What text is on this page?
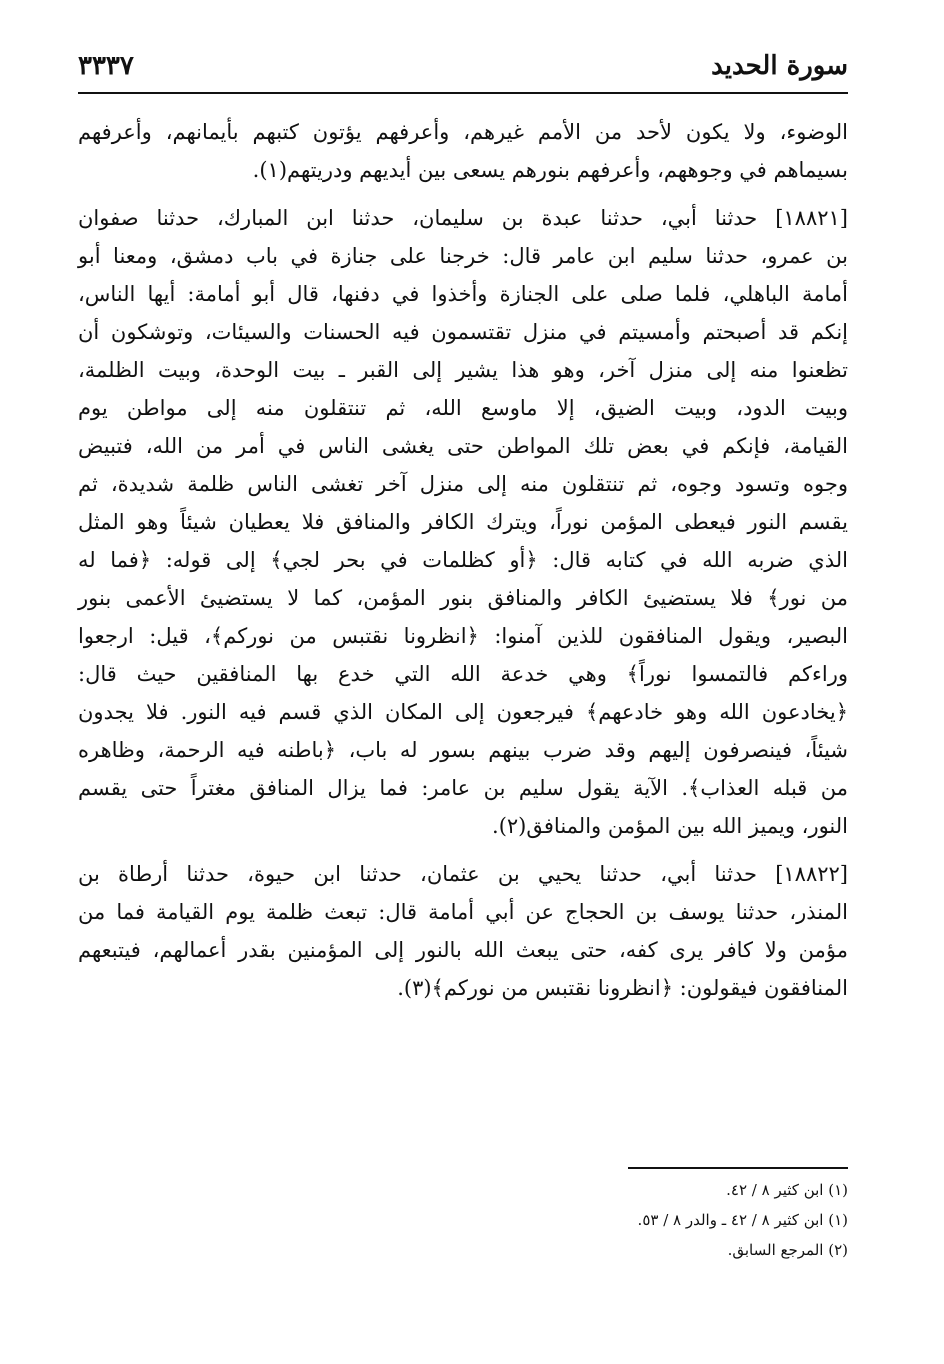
سورة الحديد
٣٣٣٧
الوضوء، ولا يكون لأحد من الأمم غيرهم، وأعرفهم يؤتون كتبهم بأيمانهم، وأعرفهم
بسيماهم في وجوههم، وأعرفهم بنورهم يسعى بين أيديهم ودريتهم(١).
[١٨٨٢١] حدثنا أبي، حدثنا عبدة بن سليمان، حدثنا ابن المبارك، حدثنا صفوان
بن عمرو، حدثنا سليم ابن عامر قال: خرجنا على جنازة في باب دمشق، ومعنا أبو
أمامة الباهلي، فلما صلى على الجنازة وأخذوا في دفنها، قال أبو أمامة: أيها الناس،
إنكم قد أصبحتم وأمسيتم في منزل تقتسمون فيه الحسنات والسيئات، وتوشكون أن
تظعنوا منه إلى منزل آخر، وهو هذا يشير إلى القبر ـ بيت الوحدة، وبيت الظلمة،
وبيت الدود، وبيت الضيق، إلا ماوسع الله، ثم تنتقلون منه إلى مواطن يوم
القيامة، فإنكم في بعض تلك المواطن حتى يغشى الناس في أمر من الله، فتبيض
وجوه وتسود وجوه، ثم تنتقلون منه إلى منزل آخر تغشى الناس ظلمة شديدة، ثم
يقسم النور فيعطى المؤمن نوراً، ويترك الكافر والمنافق فلا يعطيان شيئاً وهو المثل
الذي ضربه الله في كتابه قال: ﴿أو كظلمات في بحر لجي﴾ إلى قوله: ﴿فما له
من نور﴾ فلا يستضيئ الكافر والمنافق بنور المؤمن، كما لا يستضيئ الأعمى بنور
البصير، ويقول المنافقون للذين آمنوا: ﴿انظرونا نقتبس من نوركم﴾، قيل: ارجعوا
وراءكم فالتمسوا نوراً﴾ وهي خدعة الله التي خدع بها المنافقين حيث قال:
﴿يخادعون الله وهو خادعهم﴾ فيرجعون إلى المكان الذي قسم فيه النور. فلا يجدون
شيئاً، فينصرفون إليهم وقد ضرب بينهم بسور له باب، ﴿باطنه فيه الرحمة، وظاهره
من قبله العذاب﴾. الآية يقول سليم بن عامر: فما يزال المنافق مغتراً حتى يقسم
النور، ويميز الله بين المؤمن والمنافق(٢).
[١٨٨٢٢] حدثنا أبي، حدثنا يحيي بن عثمان، حدثنا ابن حيوة، حدثنا أرطاة بن
المنذر، حدثنا يوسف بن الحجاج عن أبي أمامة قال: تبعث ظلمة يوم القيامة فما من
مؤمن ولا كافر يرى كفه، حتى يبعث الله بالنور إلى المؤمنين بقدر أعمالهم، فيتبعهم
المنافقون فيقولون: ﴿انظرونا نقتبس من نوركم﴾(٣).
(١) ابن كثير ٨ / ٤٢.
(١) ابن كثير ٨ / ٤٢ ـ والدر ٨ / ٥٣.
(٢) المرجع السابق.
